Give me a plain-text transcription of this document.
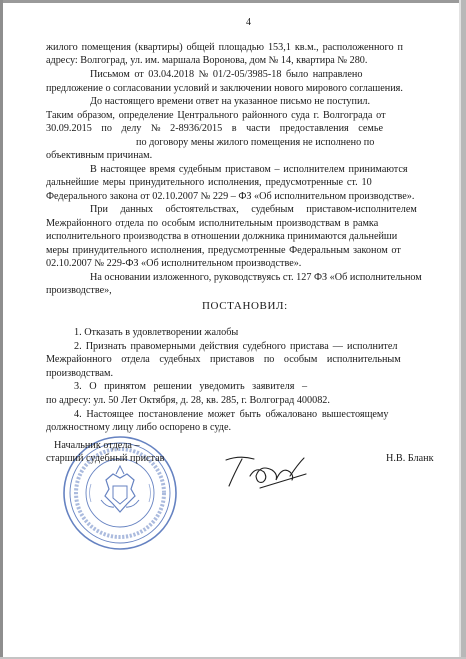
4
жилого помещения (квартиры) общей площадью 153,1 кв.м., расположенного п
адресу: Волгоград, ул. им. маршала Воронова, дом № 14, квартира № 280.
Письмом от 03.04.2018 № 01/2-05/3985-18 было направлено
предложение о согласовании условий и заключении нового мирового соглашения.
До настоящего времени ответ на указанное письмо не поступил.
Таким образом, определение Центрального районного суда г. Волгограда от
30.09.2015 по делу № 2-8936/2015 в части предоставления семье
по договору мены жилого помещения не исполнено по
объективным причинам.
В настоящее время судебным приставом – исполнителем принимаются
дальнейшие меры принудительного исполнения, предусмотренные ст. 10
Федерального закона от 02.10.2007 № 229 – ФЗ «Об исполнительном производстве».
При данных обстоятельствах, судебным приставом-исполнителем
Межрайонного отдела по особым исполнительным производствам в рамка
исполнительного производства в отношении должника принимаются дальнейши
меры принудительного исполнения, предусмотренные Федеральным законом от
02.10.2007 № 229-ФЗ «Об исполнительном производстве».
На основании изложенного, руководствуясь ст. 127 ФЗ «Об исполнительном
производстве»,
ПОСТАНОВИЛ:
1. Отказать в удовлетворении жалобы
2. Признать правомерными действия судебного пристава — исполнител
Межрайонного отдела судебных приставов по особым исполнительным
производствам.
3. О принятом решении уведомить заявителя –
по адресу: ул. 50 Лет Октября, д. 28, кв. 285, г. Волгоград 400082.
4. Настоящее постановление может быть обжаловано вышестоящему
должностному лицу либо оспорено в суде.
Начальник отдела –
старший судебный пристав	Н.В. Бланк
